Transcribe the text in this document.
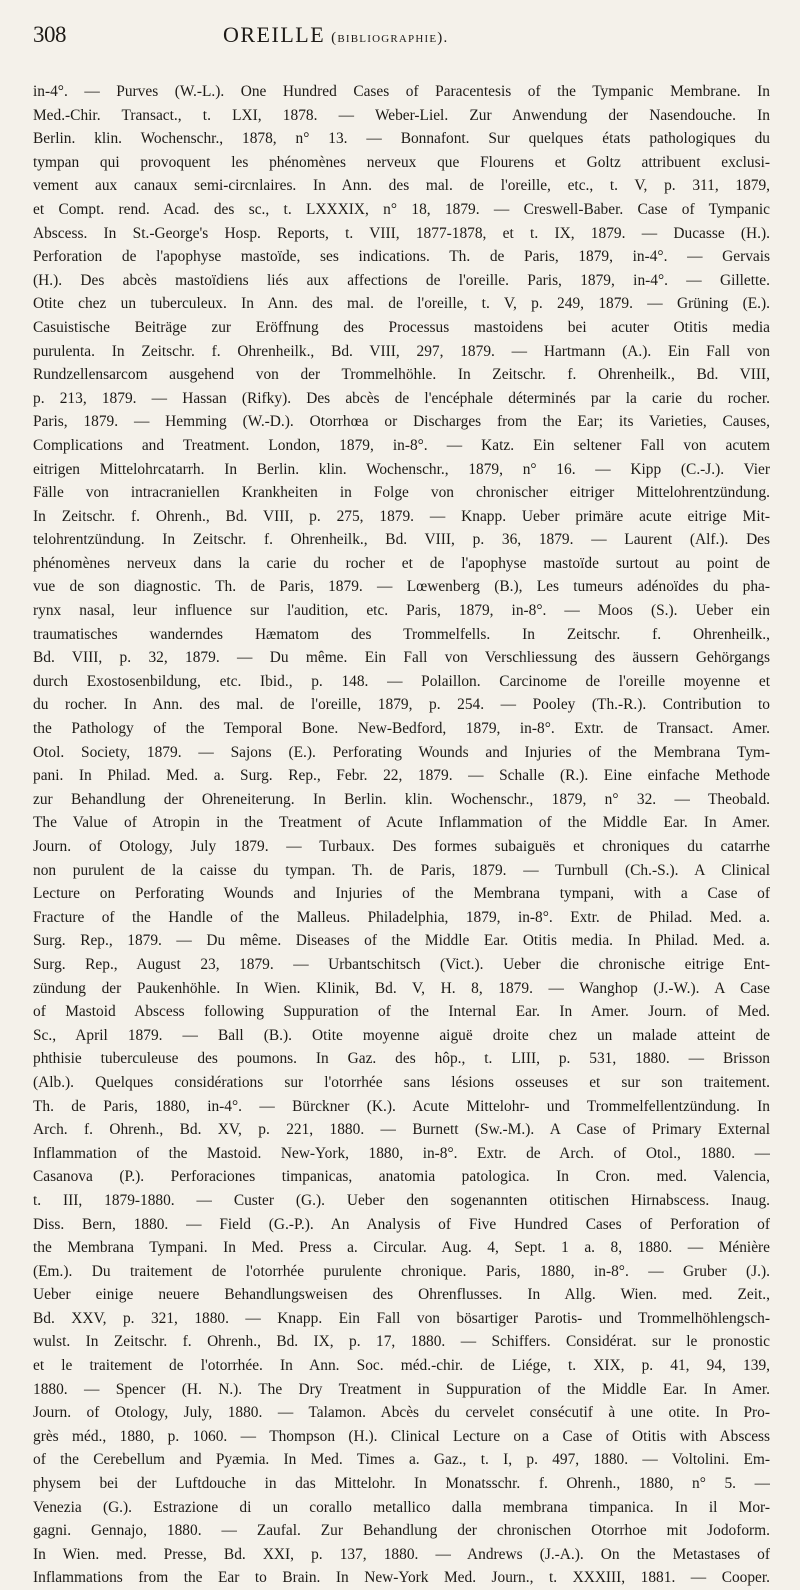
308	OREILLE (bibliographie).
in-4°. — Purves (W.-L.). One Hundred Cases of Paracentesis of the Tympanic Membrane. In
Med.-Chir. Transact., t. LXI, 1878. — Weber-Liel. Zur Anwendung der Nasendouche. In
Berlin. klin. Wochenschr., 1878, n° 13. — Bonnafont. Sur quelques états pathologiques du
tympan qui provoquent les phénomènes nerveux que Flourens et Goltz attribuent exclusi-
vement aux canaux semi-circnlaires. In Ann. des mal. de l'oreille, etc., t. V, p. 311, 1879,
et Compt. rend. Acad. des sc., t. LXXXIX, n° 18, 1879. — Creswell-Baber. Case of Tympanic
Abscess. In St.-George's Hosp. Reports, t. VIII, 1877-1878, et t. IX, 1879. — Ducasse (H.).
Perforation de l'apophyse mastoïde, ses indications. Th. de Paris, 1879, in-4°. — Gervais
(H.). Des abcès mastoïdiens liés aux affections de l'oreille. Paris, 1879, in-4°. — Gillette.
Otite chez un tuberculeux. In Ann. des mal. de l'oreille, t. V, p. 249, 1879. — Grüning (E.).
Casuistische Beiträge zur Eröffnung des Processus mastoidens bei acuter Otitis media
purulenta. In Zeitschr. f. Ohrenheilk., Bd. VIII, 297, 1879. — Hartmann (A.). Ein Fall von
Rundzellensarcom ausgehend von der Trommelhöhle. In Zeitschr. f. Ohrenheilk., Bd. VIII,
p. 213, 1879. — Hassan (Rifky). Des abcès de l'encéphale déterminés par la carie du rocher.
Paris, 1879. — Hemming (W.-D.). Otorrhœa or Discharges from the Ear; its Varieties, Causes,
Complications and Treatment. London, 1879, in-8°. — Katz. Ein seltener Fall von acutem
eitrigen Mittelohrcatarrh. In Berlin. klin. Wochenschr., 1879, n° 16. — Kipp (C.-J.). Vier
Fälle von intracraniellen Krankheiten in Folge von chronischer eitriger Mittelohrentzündung.
In Zeitschr. f. Ohrenh., Bd. VIII, p. 275, 1879. — Knapp. Ueber primäre acute eitrige Mit-
telohrentzündung. In Zeitschr. f. Ohrenheilk., Bd. VIII, p. 36, 1879. — Laurent (Alf.). Des
phénomènes nerveux dans la carie du rocher et de l'apophyse mastoïde surtout au point de
vue de son diagnostic. Th. de Paris, 1879. — Lœwenberg (B.), Les tumeurs adénoïdes du pha-
rynx nasal, leur influence sur l'audition, etc. Paris, 1879, in-8°. — Moos (S.). Ueber ein
traumatisches wanderndes Hæmatom des Trommelfells. In Zeitschr. f. Ohrenheilk.,
Bd. VIII, p. 32, 1879. — Du même. Ein Fall von Verschliessung des äussern Gehörgangs
durch Exostosenbildung, etc. Ibid., p. 148. — Polaillon. Carcinome de l'oreille moyenne et
du rocher. In Ann. des mal. de l'oreille, 1879, p. 254. — Pooley (Th.-R.). Contribution to
the Pathology of the Temporal Bone. New-Bedford, 1879, in-8°. Extr. de Transact. Amer.
Otol. Society, 1879. — Sajons (E.). Perforating Wounds and Injuries of the Membrana Tym-
pani. In Philad. Med. a. Surg. Rep., Febr. 22, 1879. — Schalle (R.). Eine einfache Methode
zur Behandlung der Ohreneiterung. In Berlin. klin. Wochenschr., 1879, n° 32. — Theobald.
The Value of Atropin in the Treatment of Acute Inflammation of the Middle Ear. In Amer.
Journ. of Otology, July 1879. — Turbaux. Des formes subaiguës et chroniques du catarrhe
non purulent de la caisse du tympan. Th. de Paris, 1879. — Turnbull (Ch.-S.). A Clinical
Lecture on Perforating Wounds and Injuries of the Membrana tympani, with a Case of
Fracture of the Handle of the Malleus. Philadelphia, 1879, in-8°. Extr. de Philad. Med. a.
Surg. Rep., 1879. — Du même. Diseases of the Middle Ear. Otitis media. In Philad. Med. a.
Surg. Rep., August 23, 1879. — Urbantschitsch (Vict.). Ueber die chronische eitrige Ent-
zündung der Paukenhöhle. In Wien. Klinik, Bd. V, H. 8, 1879. — Wanghop (J.-W.). A Case
of Mastoid Abscess following Suppuration of the Internal Ear. In Amer. Journ. of Med.
Sc., April 1879. — Ball (B.). Otite moyenne aiguë droite chez un malade atteint de
phthisie tuberculeuse des poumons. In Gaz. des hôp., t. LIII, p. 531, 1880. — Brisson
(Alb.). Quelques considérations sur l'otorrhée sans lésions osseuses et sur son traitement.
Th. de Paris, 1880, in-4°. — Bürckner (K.). Acute Mittelohr- und Trommelfellentzündung. In
Arch. f. Ohrenh., Bd. XV, p. 221, 1880. — Burnett (Sw.-M.). A Case of Primary External
Inflammation of the Mastoid. New-York, 1880, in-8°. Extr. de Arch. of Otol., 1880. —
Casanova (P.). Perforaciones timpanicas, anatomia patologica. In Cron. med. Valencia,
t. III, 1879-1880. — Custer (G.). Ueber den sogenannten otitischen Hirnabscess. Inaug.
Diss. Bern, 1880. — Field (G.-P.). An Analysis of Five Hundred Cases of Perforation of
the Membrana Tympani. In Med. Press a. Circular. Aug. 4, Sept. 1 a. 8, 1880. — Ménière
(Em.). Du traitement de l'otorrhée purulente chronique. Paris, 1880, in-8°. — Gruber (J.).
Ueber einige neuere Behandlungsweisen des Ohrenflusses. In Allg. Wien. med. Zeit.,
Bd. XXV, p. 321, 1880. — Knapp. Ein Fall von bösartiger Parotis- und Trommelhöhlengsch-
wulst. In Zeitschr. f. Ohrenh., Bd. IX, p. 17, 1880. — Schiffers. Considérat. sur le pronostic
et le traitement de l'otorrhée. In Ann. Soc. méd.-chir. de Liége, t. XIX, p. 41, 94, 139,
1880. — Spencer (H. N.). The Dry Treatment in Suppuration of the Middle Ear. In Amer.
Journ. of Otology, July, 1880. — Talamon. Abcès du cervelet consécutif à une otite. In Pro-
grès méd., 1880, p. 1060. — Thompson (H.). Clinical Lecture on a Case of Otitis with Abscess
of the Cerebellum and Pyæmia. In Med. Times a. Gaz., t. I, p. 497, 1880. — Voltolini. Em-
physem bei der Luftdouche in das Mittelohr. In Monatsschr. f. Ohrenh., 1880, n° 5. —
Venezia (G.). Estrazione di un corallo metallico dalla membrana timpanica. In il Mor-
gagni. Gennajo, 1880. — Zaufal. Zur Behandlung der chronischen Otorrhoe mit Jodoform.
In Wien. med. Presse, Bd. XXI, p. 137, 1880. — Andrews (J.-A.). On the Metastases of
Inflammations from the Ear to Brain. In New-York Med. Journ., t. XXXIII, 1881. — Cooper.
